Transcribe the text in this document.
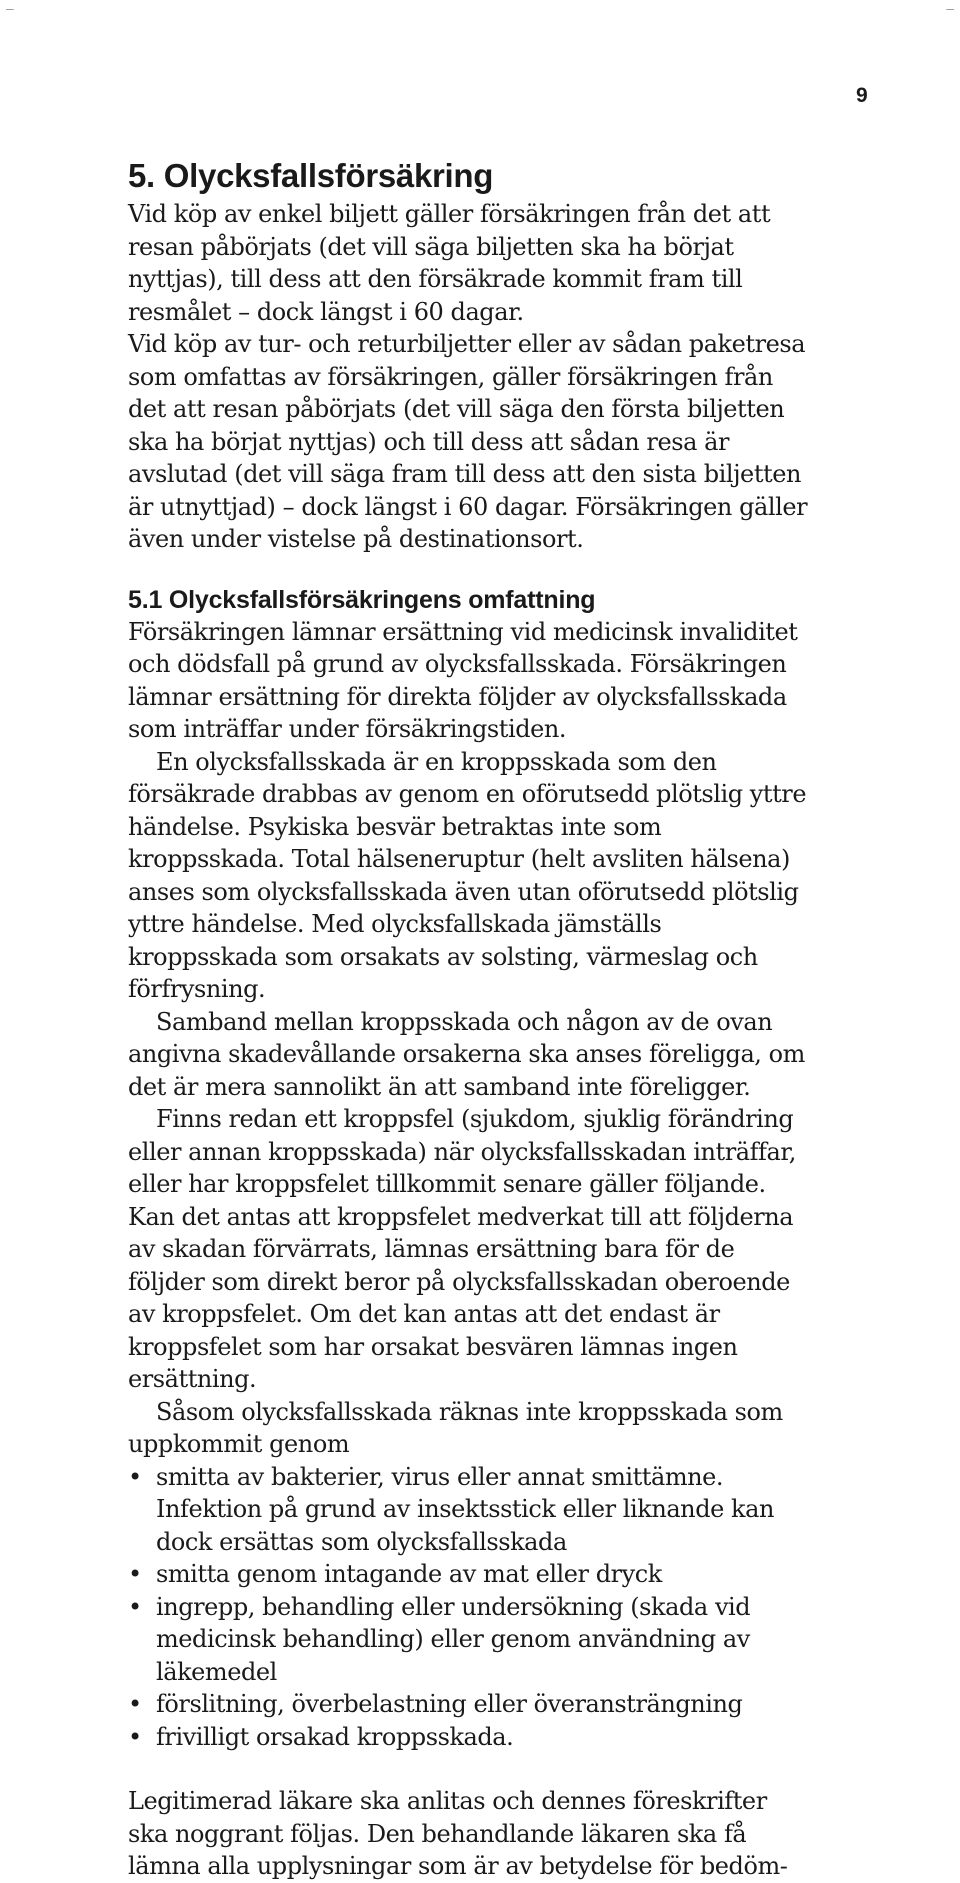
–	–
9
5. Olycksfallsförsäkring

Vid köp av enkel biljett gäller försäkringen från det att resan påbörjats (det vill säga biljetten ska ha börjat nyttjas), till dess att den försäkrade kommit fram till resmålet – dock längst i 60 dagar.

Vid köp av tur- och returbiljetter eller av sådan paketresa som omfattas av försäkringen, gäller försäkringen från det att resan påbörjats (det vill säga den första biljetten ska ha börjat nyttjas) och till dess att sådan resa är avslutad (det vill säga fram till dess att den sista biljetten är utnyttjad) – dock längst i 60 dagar. Försäkringen gäller även under vistelse på destinationsort.

5.1 Olycksfallsförsäkringens omfattning

Försäkringen lämnar ersättning vid medicinsk invaliditet och dödsfall på grund av olycksfallsskada. Försäkringen lämnar ersättning för direkta följder av olycksfallsskada som inträffar under försäkringstiden.

En olycksfallsskada är en kroppsskada som den försäkrade drabbas av genom en oförutsedd plötslig yttre händelse. Psykiska besvär betraktas inte som kroppsskada. Total hälseneruptur (helt avsliten hälsena) anses som olycksfallsskada även utan oförutsedd plötslig yttre händelse. Med olycksfallskada jämställs kroppsskada som orsakats av solsting, värmeslag och förfrysning.

Samband mellan kroppsskada och någon av de ovan angivna skadevållande orsakerna ska anses föreligga, om det är mera sannolikt än att samband inte föreligger.

Finns redan ett kroppsfel (sjukdom, sjuklig förändring eller annan kroppsskada) när olycksfallsskadan inträffar, eller har kroppsfelet tillkommit senare gäller följande.

Kan det antas att kroppsfelet medverkat till att följderna av skadan förvärrats, lämnas ersättning bara för de följder som direkt beror på olycksfallsskadan oberoende av kroppsfelet. Om det kan antas att det endast är kroppsfelet som har orsakat besvären lämnas ingen ersättning.

Såsom olycksfallsskada räknas inte kroppsskada som uppkommit genom

• smitta av bakterier, virus eller annat smittämne. Infektion på grund av insektsstick eller liknande kan dock ersättas som olycksfallsskada
• smitta genom intagande av mat eller dryck
• ingrepp, behandling eller undersökning (skada vid medicinsk behandling) eller genom användning av läkemedel
• förslitning, överbelastning eller överansträngning
• frivilligt orsakad kroppsskada.

Legitimerad läkare ska anlitas och dennes föreskrifter ska noggrant följas. Den behandlande läkaren ska få lämna alla upplysningar som är av betydelse för bedöm-
